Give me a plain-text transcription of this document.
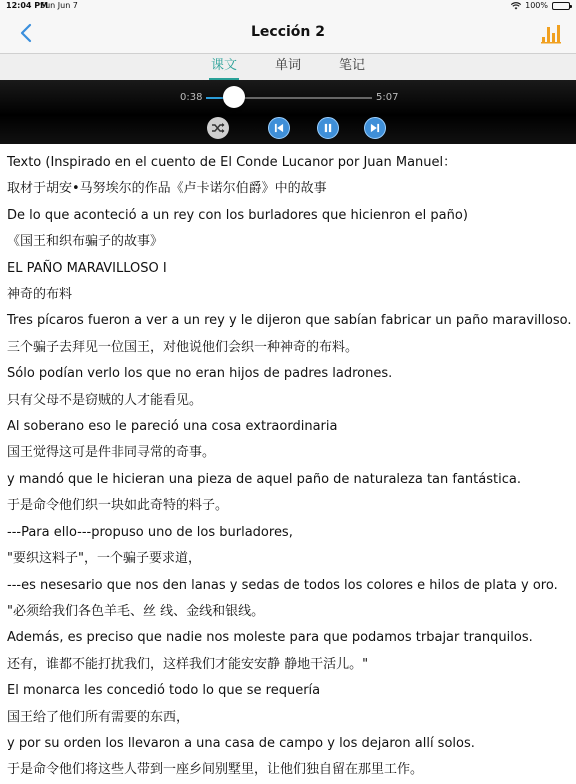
12:04 PM
Sun Jun 7	100%
Lección 2
课文	单词	笔记
0:38	5:07
Texto (Inspirado en el cuento de El Conde Lucanor por Juan Manuel：
取材于胡安•马努埃尔的作品《卢卡诺尔伯爵》中的故事
De lo que aconteció a un rey con los burladores que hicienron el paño)
《国王和织布骗子的故事》
EL PAÑO MARAVILLOSO I
神奇的布料
Tres pícaros fueron a ver a un rey y le dijeron que sabían fabricar un paño maravilloso.
三个骗子去拜见一位国王，对他说他们会织一种神奇的布料。
Sólo podían verlo los que no eran hijos de padres ladrones.
只有父母不是窃贼的人才能看见。
Al soberano eso le pareció una cosa extraordinaria
国王觉得这可是件非同寻常的奇事。
y mandó que le hicieran una pieza de aquel paño de naturaleza tan fantástica.
于是命令他们织一块如此奇特的料子。
---Para ello---propuso uno de los burladores,
"要织这料子"，一个骗子要求道，
---es nesesario que nos den lanas y sedas de todos los colores e hilos de plata y oro.
"必须给我们各色羊毛、丝 线、金线和银线。
Además, es preciso que nadie nos moleste para que podamos trbajar tranquilos.
还有，谁都不能打扰我们，这样我们才能安安静 静地干活儿。"
El monarca les concedió todo lo que se requería
国王给了他们所有需要的东西，
y por su orden los llevaron a una casa de campo y los dejaron allí solos.
于是命令他们将这些人带到一座乡间别墅里，让他们独自留在那里工作。
